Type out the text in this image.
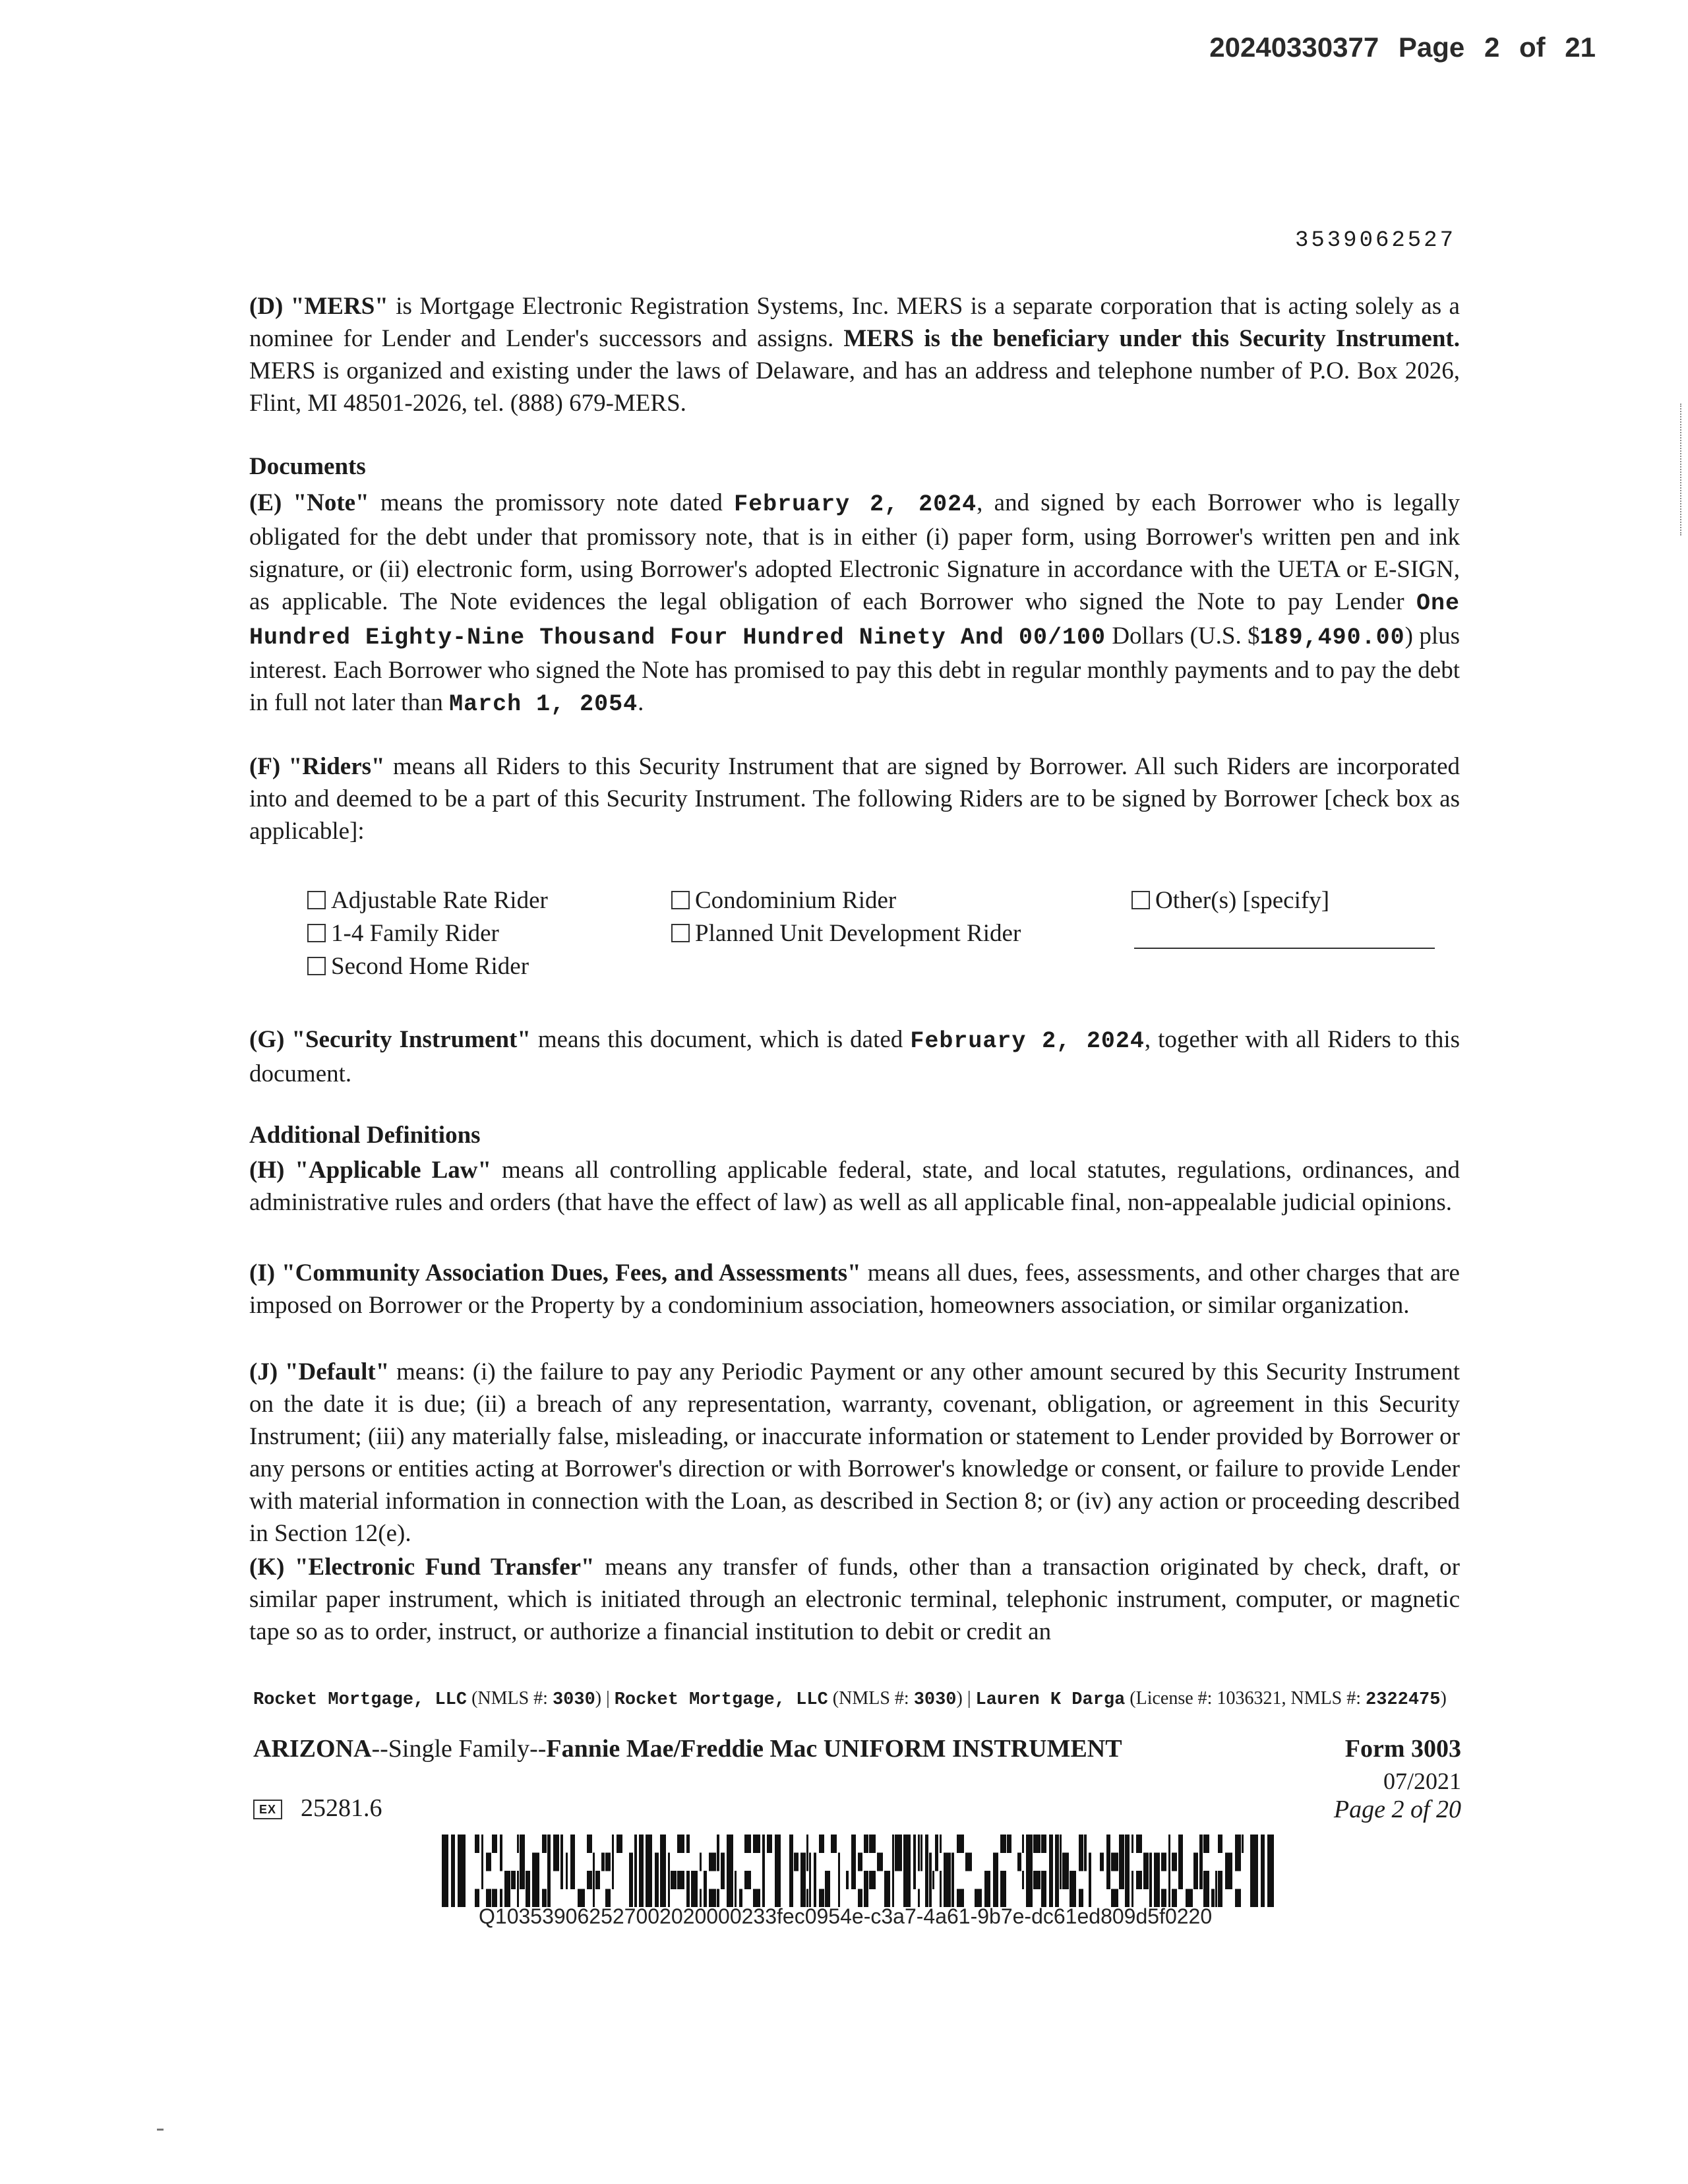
20240330377 Page 2 of 21
3539062527
(D) "MERS" is Mortgage Electronic Registration Systems, Inc. MERS is a separate corporation that is acting solely as a nominee for Lender and Lender's successors and assigns. MERS is the beneficiary under this Security Instrument. MERS is organized and existing under the laws of Delaware, and has an address and telephone number of P.O. Box 2026, Flint, MI 48501-2026, tel. (888) 679-MERS.
Documents
(E) "Note" means the promissory note dated February 2, 2024, and signed by each Borrower who is legally obligated for the debt under that promissory note, that is in either (i) paper form, using Borrower's written pen and ink signature, or (ii) electronic form, using Borrower's adopted Electronic Signature in accordance with the UETA or E-SIGN, as applicable. The Note evidences the legal obligation of each Borrower who signed the Note to pay Lender One Hundred Eighty-Nine Thousand Four Hundred Ninety And 00/100 Dollars (U.S. $189,490.00) plus interest. Each Borrower who signed the Note has promised to pay this debt in regular monthly payments and to pay the debt in full not later than March 1, 2054.
(F) "Riders" means all Riders to this Security Instrument that are signed by Borrower. All such Riders are incorporated into and deemed to be a part of this Security Instrument. The following Riders are to be signed by Borrower [check box as applicable]:
Adjustable Rate Rider
1-4 Family Rider
Second Home Rider
Condominium Rider
Planned Unit Development Rider
Other(s) [specify]
(G) "Security Instrument" means this document, which is dated February 2, 2024, together with all Riders to this document.
Additional Definitions
(H) "Applicable Law" means all controlling applicable federal, state, and local statutes, regulations, ordinances, and administrative rules and orders (that have the effect of law) as well as all applicable final, non-appealable judicial opinions.
(I) "Community Association Dues, Fees, and Assessments" means all dues, fees, assessments, and other charges that are imposed on Borrower or the Property by a condominium association, homeowners association, or similar organization.
(J) "Default" means: (i) the failure to pay any Periodic Payment or any other amount secured by this Security Instrument on the date it is due; (ii) a breach of any representation, warranty, covenant, obligation, or agreement in this Security Instrument; (iii) any materially false, misleading, or inaccurate information or statement to Lender provided by Borrower or any persons or entities acting at Borrower's direction or with Borrower's knowledge or consent, or failure to provide Lender with material information in connection with the Loan, as described in Section 8; or (iv) any action or proceeding described in Section 12(e).
(K) "Electronic Fund Transfer" means any transfer of funds, other than a transaction originated by check, draft, or similar paper instrument, which is initiated through an electronic terminal, telephonic instrument, computer, or magnetic tape so as to order, instruct, or authorize a financial institution to debit or credit an
Rocket Mortgage, LLC (NMLS #: 3030) | Rocket Mortgage, LLC (NMLS #: 3030) | Lauren K Darga (License #: 1036321, NMLS #: 2322475)
ARIZONA--Single Family--Fannie Mae/Freddie Mac UNIFORM INSTRUMENT	Form 3003
07/2021
Page 2 of 20
EX 25281.6
Q103539062527002020000233fec0954e-c3a7-4a61-9b7e-dc61ed809d5f0220
